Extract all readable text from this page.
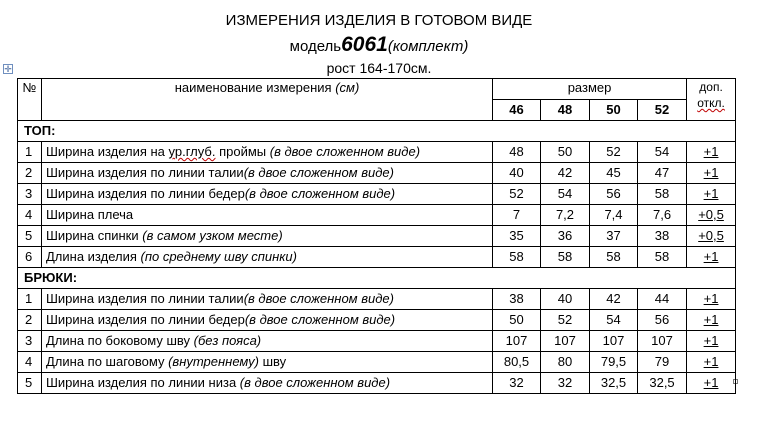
ИЗМЕРЕНИЯ ИЗДЕЛИЯ В ГОТОВОМ ВИДЕ
модель6061(комплект)
рост 164-170см.
✛
№	наименование измерения (см)	размер				доп.
откл.

		46	48	50	52	
ТОП:						
1	Ширина изделия на ур.глуб. проймы (в двое сложенном виде)	48	50	52	54	+1
2	Ширина изделия по линии талии(в двое сложенном виде)	40	42	45	47	+1
3	Ширина изделия по линии бедер(в двое сложенном виде)	52	54	56	58	+1
4	Ширина плеча	7	7,2	7,4	7,6	+0,5
5	Ширина спинки (в самом узком месте)	35	36	37	38	+0,5
6	Длина изделия (по среднему шву спинки)	58	58	58	58	+1
БРЮКИ:						
1	Ширина изделия по линии талии(в двое сложенном виде)	38	40	42	44	+1
2	Ширина изделия по линии бедер(в двое сложенном виде)	50	52	54	56	+1
3	Длина по боковому шву (без пояса)	107	107	107	107	+1
4	Длина по шаговому (внутреннему) шву	80,5	80	79,5	79	+1
5	Ширина изделия по линии низа (в двое сложенном виде)	32	32	32,5	32,5	+1
